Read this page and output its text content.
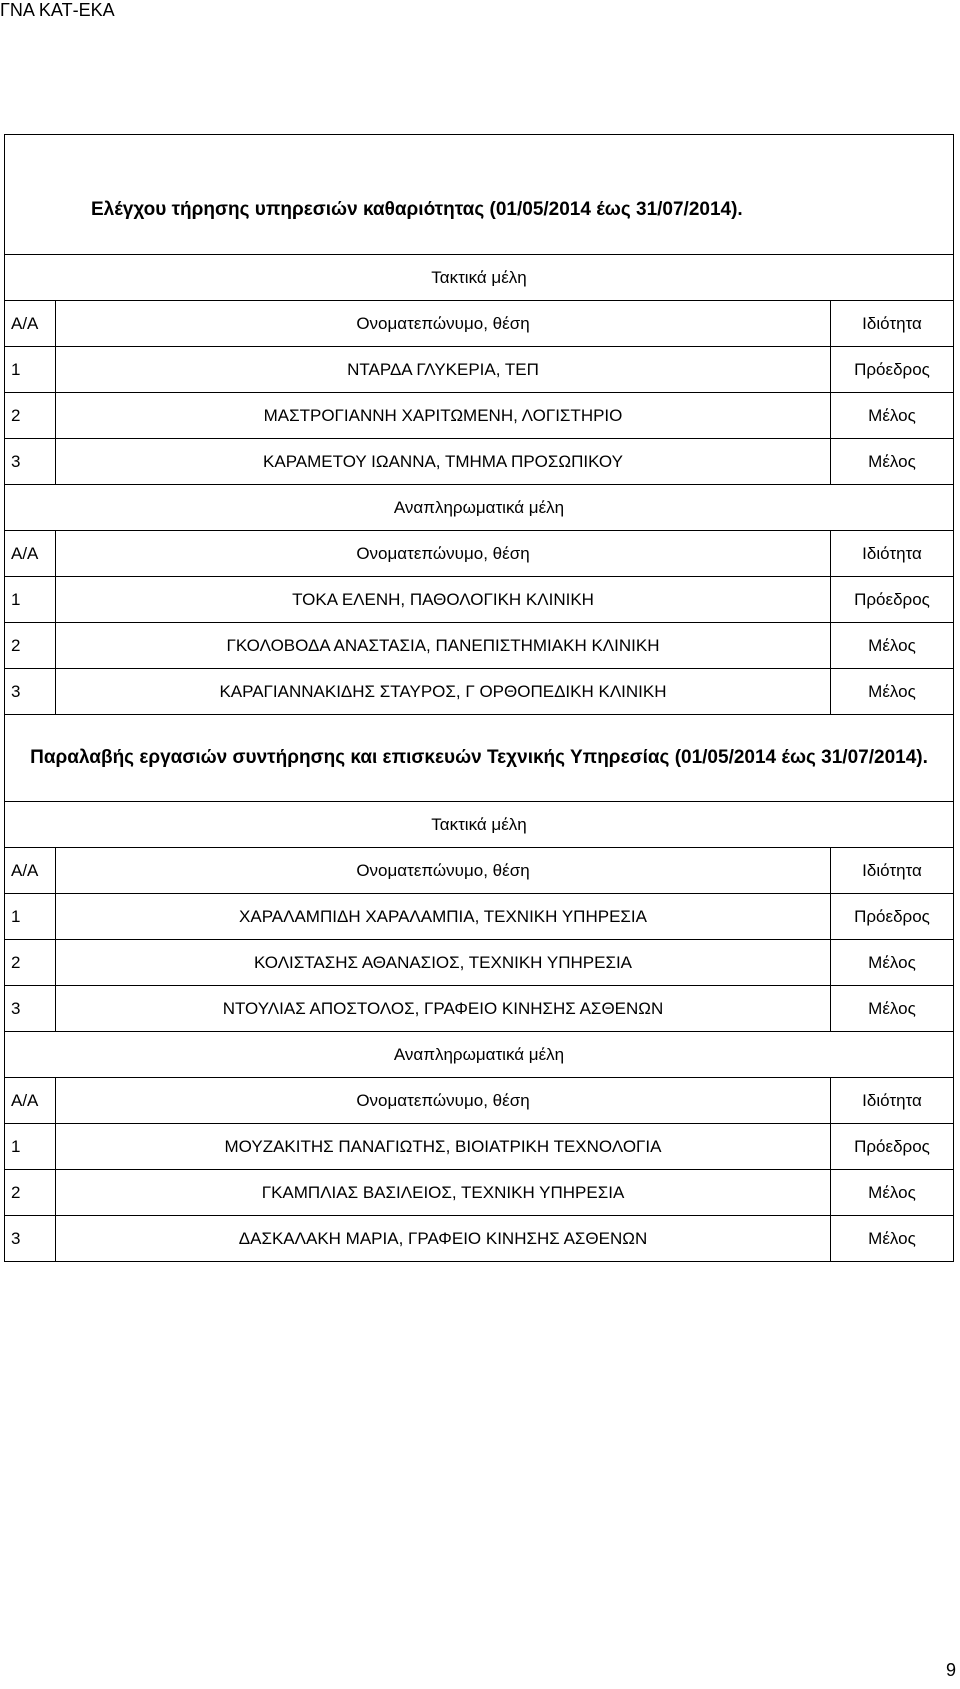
ΓΝΑ ΚΑΤ-ΕΚΑ
Ελέγχου τήρησης υπηρεσιών καθαριότητας (01/05/2014 έως 31/07/2014).		
Τακτικά μέλη		
Α/Α	Ονοματεπώνυμο, θέση	Ιδιότητα
1	ΝΤΑΡΔΑ ΓΛΥΚΕΡΙΑ, ΤΕΠ	Πρόεδρος
2	ΜΑΣΤΡΟΓΙΑΝΝΗ ΧΑΡΙΤΩΜΕΝΗ, ΛΟΓΙΣΤΗΡΙΟ	Μέλος
3	ΚΑΡΑΜΕΤΟΥ ΙΩΑΝΝΑ, ΤΜΗΜΑ ΠΡΟΣΩΠΙΚΟΥ	Μέλος
Αναπληρωματικά μέλη		
Α/Α	Ονοματεπώνυμο, θέση	Ιδιότητα
1	ΤΟΚΑ ΕΛΕΝΗ, ΠΑΘΟΛΟΓΙΚΗ ΚΛΙΝΙΚΗ	Πρόεδρος
2	ΓΚΟΛΟΒΟΔΑ ΑΝΑΣΤΑΣΙΑ, ΠΑΝΕΠΙΣΤΗΜΙΑΚΗ ΚΛΙΝΙΚΗ	Μέλος
3	ΚΑΡΑΓΙΑΝΝΑΚΙΔΗΣ ΣΤΑΥΡΟΣ, Γ ΟΡΘΟΠΕΔΙΚΗ ΚΛΙΝΙΚΗ	Μέλος
Παραλαβής εργασιών συντήρησης και επισκευών Τεχνικής Υπηρεσίας (01/05/2014 έως 31/07/2014).		
Τακτικά μέλη		
Α/Α	Ονοματεπώνυμο, θέση	Ιδιότητα
1	ΧΑΡΑΛΑΜΠΙΔΗ ΧΑΡΑΛΑΜΠΙΑ, ΤΕΧΝΙΚΗ ΥΠΗΡΕΣΙΑ	Πρόεδρος
2	ΚΟΛΙΣΤΑΣΗΣ ΑΘΑΝΑΣΙΟΣ, ΤΕΧΝΙΚΗ ΥΠΗΡΕΣΙΑ	Μέλος
3	ΝΤΟΥΛΙΑΣ ΑΠΟΣΤΟΛΟΣ, ΓΡΑΦΕΙΟ ΚΙΝΗΣΗΣ ΑΣΘΕΝΩΝ	Μέλος
Αναπληρωματικά μέλη		
Α/Α	Ονοματεπώνυμο, θέση	Ιδιότητα
1	ΜΟΥΖΑΚΙΤΗΣ ΠΑΝΑΓΙΩΤΗΣ, ΒΙΟΙΑΤΡΙΚΗ ΤΕΧΝΟΛΟΓΙΑ	Πρόεδρος
2	ΓΚΑΜΠΛΙΑΣ ΒΑΣΙΛΕΙΟΣ, ΤΕΧΝΙΚΗ ΥΠΗΡΕΣΙΑ	Μέλος
3	ΔΑΣΚΑΛΑΚΗ ΜΑΡΙΑ, ΓΡΑΦΕΙΟ ΚΙΝΗΣΗΣ ΑΣΘΕΝΩΝ	Μέλος
9
